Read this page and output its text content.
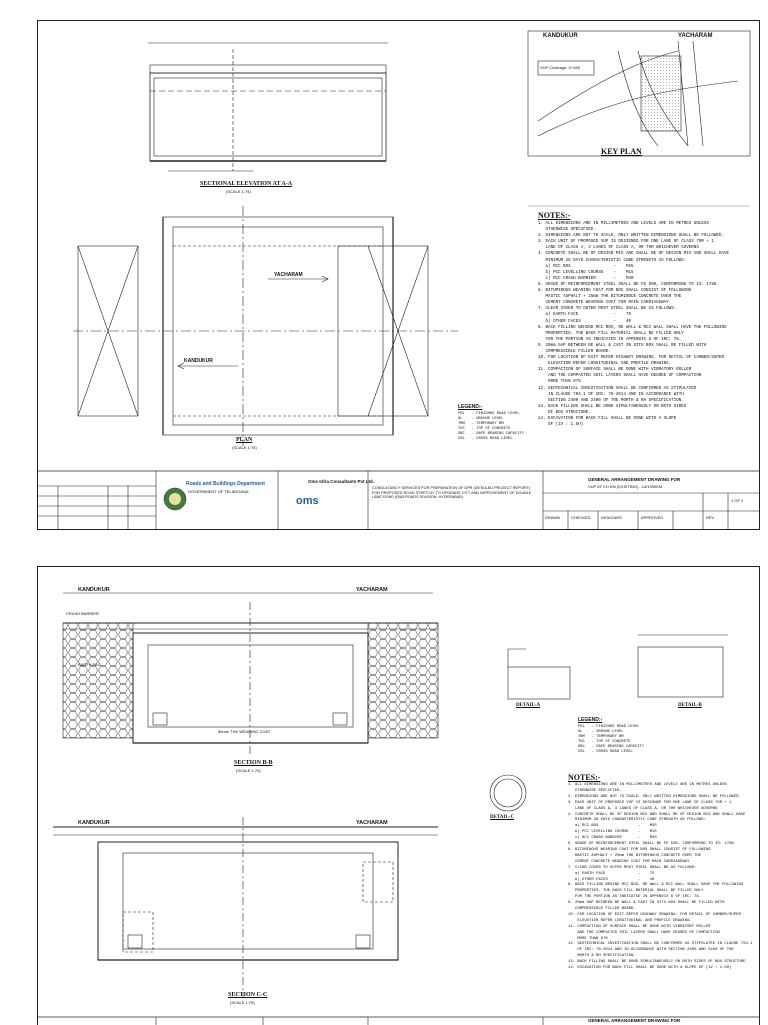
oms
SECTIONAL ELEVATION AT A-A
(SCALE 1:75)
PLAN
(SCALE 1:75)
YACHARAM
KANDUKUR
KANDUKUR	YACHARAM
VUP Chainage: 0+185
KEY PLAN
NOTES:-
1. ALL DIMENSIONS ARE IN MILLIMETRES AND LEVELS ARE IN METRES UNLESS
OTHERWISE SPECIFIED.
2. DIMENSIONS ARE NOT TO SCALE, ONLY WRITTEN DIMENSIONS SHALL BE FOLLOWED.
3. EACH UNIT OF PROPOSED VUP IS DESIGNED FOR ONE LANE OF CLASS 70R + 1
LANE OF CLASS A, 3 LANES OF CLASS A, OR 70R WHICHEVER GOVERNS
4. CONCRETE SHALL BE OF DESIGN MIX AND SHALL BE OF DESIGN MIX AND SHALL HAVE
MINIMUM 28 DAYS CHARACTERISTIC CUBE STRENGTH AS FOLLOWS:
a) RCC BOX                 -    M35
b) PCC LEVELLING COURSE    -    M15
c) RCC CRASH BARRIER       -    M40
5. GRADE OF REINFORCEMENT STEEL SHALL BE FE 500, CONFORMING TO IS: 1786.
6. BITUMINOUS WEARING COAT FOR BOX SHALL CONSIST OF FOLLOWING
MASTIC ASPHALT + 25mm THK BITUMINOUS CONCRETE OVER THE
CEMENT CONCRETE WEARING COAT FOR MAIN CARRIAGEWAY
7. CLEAR COVER TO OUTER MOST STEEL SHALL BE AS FOLLOWS:
a) EARTH FACE              -    75
b) OTHER FACES             -    40
8. BACK FILLING BEHIND RCC BOX, RE WALL & RCC WALL SHALL HAVE THE FOLLOWING
PROPERTIES. THE BACK FILL MATERIAL SHALL BE FILLED ONLY
FOR THE PORTION AS INDICATED IN APPENDIX 6 OF IRC: 78.
9. 20mm GAP BETWEEN RE WALL & CAST IN SITU BOX SHALL BE FILLED WITH
COMPRESSIBLE FILLER BOARD.
10. FOR LOCATION OF EXIT REFER HIGHWAY DRAWING. FOR DETAIL OF CAMBER/SUPER
ELEVATION REFER LONGITUDINAL AND PROFILE DRAWING.
11. COMPACTION OF SURFACE SHALL BE DONE WITH VIBRATORY ROLLER
AND THE COMPACTED SOIL LAYERS SHALL HAVE DEGREE OF COMPACTION
MORE THAN 97%
12. GEOTECHNICAL INVESTIGATION SHALL BE CONFIRMED AS STIPULATED
IN CLAUSE 704.1 OF IRC: 78-2014 AND IN ACCORDANCE WITH
SECTION 2400 AND 2400 OF THE MORTH & RH SPECIFICATION.
13. BACK FILLING SHALL BE DONE SIMULTANEOUSLY ON BOTH SIDES
OF BOX STRUCTURE.
14. EXCAVATION FOR BACK FILL SHALL BE DONE WITH A SLOPE
OF (1V : 1.5H)
LEGEND:-
FRL   - FINISHED ROAD LEVEL
GL    - GROUND LEVEL
TBM   - TEMPORARY BM
TOC   - TOP OF CONCRETE
SBC   - SAFE BEARING CAPACITY
CRL   - CROSS ROAD LEVEL
Roads and Buildings Department
GOVERNMENT OF TELANGANA
Oms Infra Consultants Pvt Ltd.
CONSULTANCY SERVICES FOR PREPARATION OF DPR (DETAILED PROJECT REPORT) FOR PROPOSED ROAD STRETCH, TO UPGRADE CITY AND IMPROVEMENT OF DOUBLE LANE ROAD (R&B ROADS DIVISION, HYDERABAD)
GENERAL ARRANGEMENT DRAWING FOR
VUP AT CH KM (EXISTING) - 14/1930KM
1 OF 2
DRAWN	CHECKED	DESIGNED	APPROVED	REV
KANDUKUR	YACHARAM
CRASH BARRIER
65mm THK WEARING COAT
EARTH FILL
SECTION B-B
(SCALE 1:75)
DETAIL-A	DETAIL-B
DETAIL-C
LEGEND:-
FRL   - FINISHED ROAD LEVEL
GL    - GROUND LEVEL
TBM   - TEMPORARY BM
TOC   - TOP OF CONCRETE
SBC   - SAFE BEARING CAPACITY
CRL   - CROSS ROAD LEVEL
NOTES:-
1. ALL DIMENSIONS ARE IN MILLIMETRES AND LEVELS ARE IN METRES UNLESS
OTHERWISE SPECIFIED.
2. DIMENSIONS ARE NOT TO SCALE, ONLY WRITTEN DIMENSIONS SHALL BE FOLLOWED.
3. EACH UNIT OF PROPOSED VUP IS DESIGNED FOR ONE LANE OF CLASS 70R + 1
LANE OF CLASS A, 3 LANES OF CLASS A, OR 70R WHICHEVER GOVERNS
4. CONCRETE SHALL BE OF DESIGN MIX AND SHALL BE OF DESIGN MIX AND SHALL HAVE
MINIMUM 28 DAYS CHARACTERISTIC CUBE STRENGTH AS FOLLOWS:
a) RCC BOX                 -    M35
b) PCC LEVELLING COURSE    -    M15
c) RCC CRASH BARRIER       -    M40
5. GRADE OF REINFORCEMENT STEEL SHALL BE FE 500, CONFORMING TO IS: 1786.
6. BITUMINOUS WEARING COAT FOR BOX SHALL CONSIST OF FOLLOWING
MASTIC ASPHALT + 25mm THK BITUMINOUS CONCRETE OVER THE
CEMENT CONCRETE WEARING COAT FOR MAIN CARRIAGEWAY
7. CLEAR COVER TO OUTER MOST STEEL SHALL BE AS FOLLOWS:
a) EARTH FACE              -    75
b) OTHER FACES             -    40
8. BACK FILLING BEHIND RCC BOX, RE WALL & RCC WALL SHALL HAVE THE FOLLOWING
PROPERTIES. THE BACK FILL MATERIAL SHALL BE FILLED ONLY
FOR THE PORTION AS INDICATED IN APPENDIX 6 OF IRC: 78.
9. 20mm GAP BETWEEN RE WALL & CAST IN SITU BOX SHALL BE FILLED WITH
COMPRESSIBLE FILLER BOARD.
10. FOR LOCATION OF EXIT REFER HIGHWAY DRAWING. FOR DETAIL OF CAMBER/SUPER
ELEVATION REFER LONGITUDINAL AND PROFILE DRAWING.
11. COMPACTION OF SURFACE SHALL BE DONE WITH VIBRATORY ROLLER
AND THE COMPACTED SOIL LAYERS SHALL HAVE DEGREE OF COMPACTION
MORE THAN 97%
12. GEOTECHNICAL INVESTIGATION SHALL BE CONFIRMED AS STIPULATED IN CLAUSE 704.1
OF IRC: 78-2014 AND IN ACCORDANCE WITH SECTION 2400 AND 2400 OF THE
MORTH & RH SPECIFICATION.
13. BACK FILLING SHALL BE DONE SIMULTANEOUSLY ON BOTH SIDES OF BOX STRUCTURE.
14. EXCAVATION FOR BACK FILL SHALL BE DONE WITH A SLOPE OF (1V : 1.5H)
KANDUKUR	YACHARAM
SECTION C-C
(SCALE 1:75)
GENERAL ARRANGEMENT DRAWING FOR
